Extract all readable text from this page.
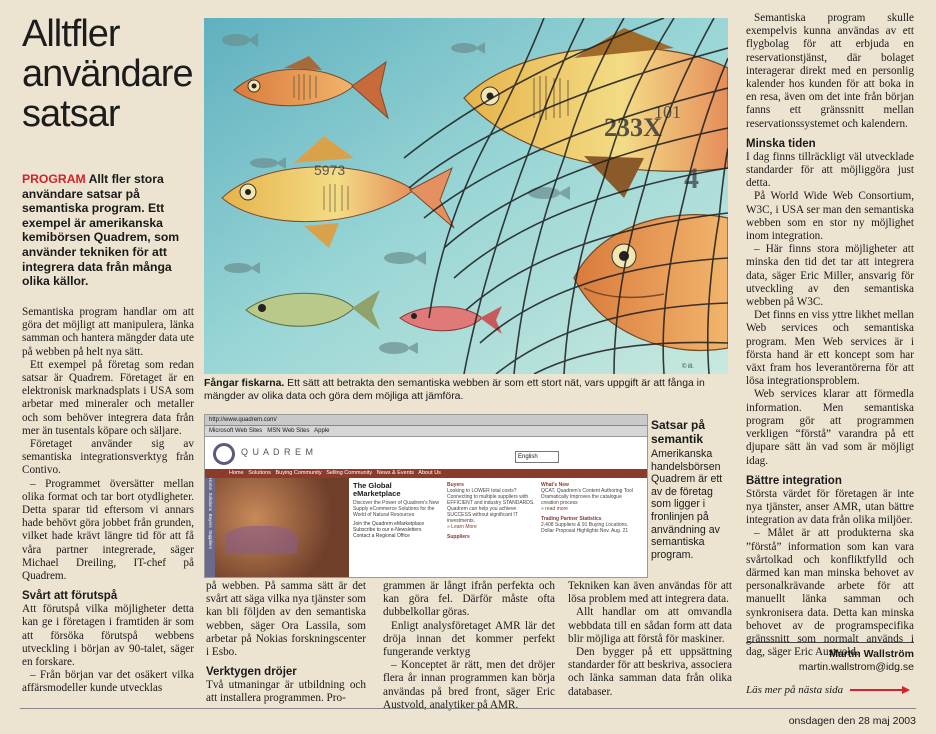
Alltfler
användare
satsar
PROGRAM Allt fler stora användare satsar på semantiska program. Ett exempel är amerikanska kemibörsen Quadrem, som använder tekniken för att integrera data från många olika källor.

Semantiska program handlar om att göra det möjligt att manipulera, länka samman och hantera mängder data ute på webben på helt nya sätt.

Ett exempel på företag som redan satsar är Quadrem. Företaget är en elektronisk marknadsplats i USA som arbetar med mineraler och metaller och som behöver integrera data från mer än tusentals köpare och säljare.

Företaget använder sig av semantiska integrationsverktyg från Contivo.

– Programmet översätter mellan olika format och tar bort otydligheter. Detta sparar tid eftersom vi annars hade behövt göra jobbet från grunden, vilket hade krävt längre tid för att få våra partner integrerade, säger Michael Dreiling, IT-chef på Quadrem.

Svårt att förutspå

Att förutspå vilka möjligheter detta kan ge i företagen i framtiden är som att försöka förutspå webbens utveckling i början av 90-talet, säger en forskare.

– Från början var det osäkert vilka affärsmodeller kunde utvecklas

5973
233X
101
4
© ill.
Fångar fiskarna. Ett sätt att betrakta den semantiska webben är som ett stort nät, vars uppgift är att fånga in mängder av olika data och göra dem möjliga att jämföra.
http://www.quadrem.com/
Microsoft Web Sites MSN Web Sites Apple
Q U A D R E M	English
Home Solutions Buying Community Selling Community News & Events About Us
Home  Solutions  Buyers  Suppliers
The Global eMarketplace
Discover the Power of Quadrem's New Supply eCommerce Solutions for the World of Natural Resources
Join the Quadrem eMarketplace
Subscribe to our e-Newsletters
Contact a Regional Office
Buyers
Looking to LOWER total costs? Connecting to multiple suppliers with EFFICIENT and industry STANDARDS. Quadrem can help you achieve SUCCESS without significant IT investments.
» Learn More
Suppliers
What's New
QCAT, Quadrem's Content Authoring Tool Dramatically Improves the catalogue creation process
» read more
Trading Partner Statistics
2,408 Suppliers & 91 Buying Locations. Dollar Proposal Highlights Nov. Aug. 21
Satsar på semantik
Amerikanska handelsbörsen Quadrem är ett av de företag som ligger i fronlinjen på användning av semantiska program.

på webben. På samma sätt är det svårt att säga vilka nya tjänster som kan bli följden av den semantiska webben, säger Ora Lassila, som arbetar på Nokias forskningscenter i Esbo.

Verktygen dröjer

Två utmaningar är utbildning och att installera programmen. Pro-

grammen är långt ifrån perfekta och kan göra fel. Därför måste ofta dubbelkollar göras.

Enligt analysföretaget AMR lär det dröja innan det kommer perfekt fungerande verktyg

– Konceptet är rätt, men det dröjer flera år innan programmen kan börja användas på bred front, säger Eric Austvold, analytiker på AMR.

Tekniken kan även användas för att lösa problem med att integrera data.

Allt handlar om att omvandla webbdata till en sådan form att data blir möjliga att förstå för maskiner.

Den bygger på ett uppsättning standarder för att beskriva, associera och länka samman data från olika databaser.

Semantiska program skulle exempelvis kunna användas av ett flygbolag för att erbjuda en reservationstjänst, där bolaget interagerar direkt med en personlig kalender hos kunden för att boka in en resa, även om det inte från början fanns ett gränssnitt mellan reservationssystemet och kalendern.

Minska tiden

I dag finns tillräckligt väl utvecklade standarder för att möjliggöra just detta.

På World Wide Web Consortium, W3C, i USA ser man den semantiska webben som en stor ny möjlighet inom integration.

– Här finns stora möjligheter att minska den tid det tar att integrera data, säger Eric Miller, ansvarig för utveckling av den semantiska webben på W3C.

Det finns en viss yttre likhet mellan Web services och semantiska program. Men Web services är i första hand är ett koncept som har växt fram hos leverantörerna för att lösa integrationsproblem.

Web services klarar att förmedla information. Men semantiska program gör att programmen verkligen “förstå” varandra på ett djupare sätt än vad som är möjligt idag.

Bättre integration

Största värdet för företagen är inte nya tjänster, anser AMR, utan bättre integration av data från olika miljöer.

– Målet är att produkterna ska ”förstå” information som kan vara svårtolkad och konfliktfylld och därmed kan man minska behovet av personalkrävande arbete för att manuellt länka samman och synkronisera data. Detta kan minska behovet av de programspecifika gränssnitt som normalt används i dag, säger Eric Austvold.

Martin Wallström
martin.wallstrom@idg.se
Läs mer på nästa sida
onsdagen den 28 maj 2003
